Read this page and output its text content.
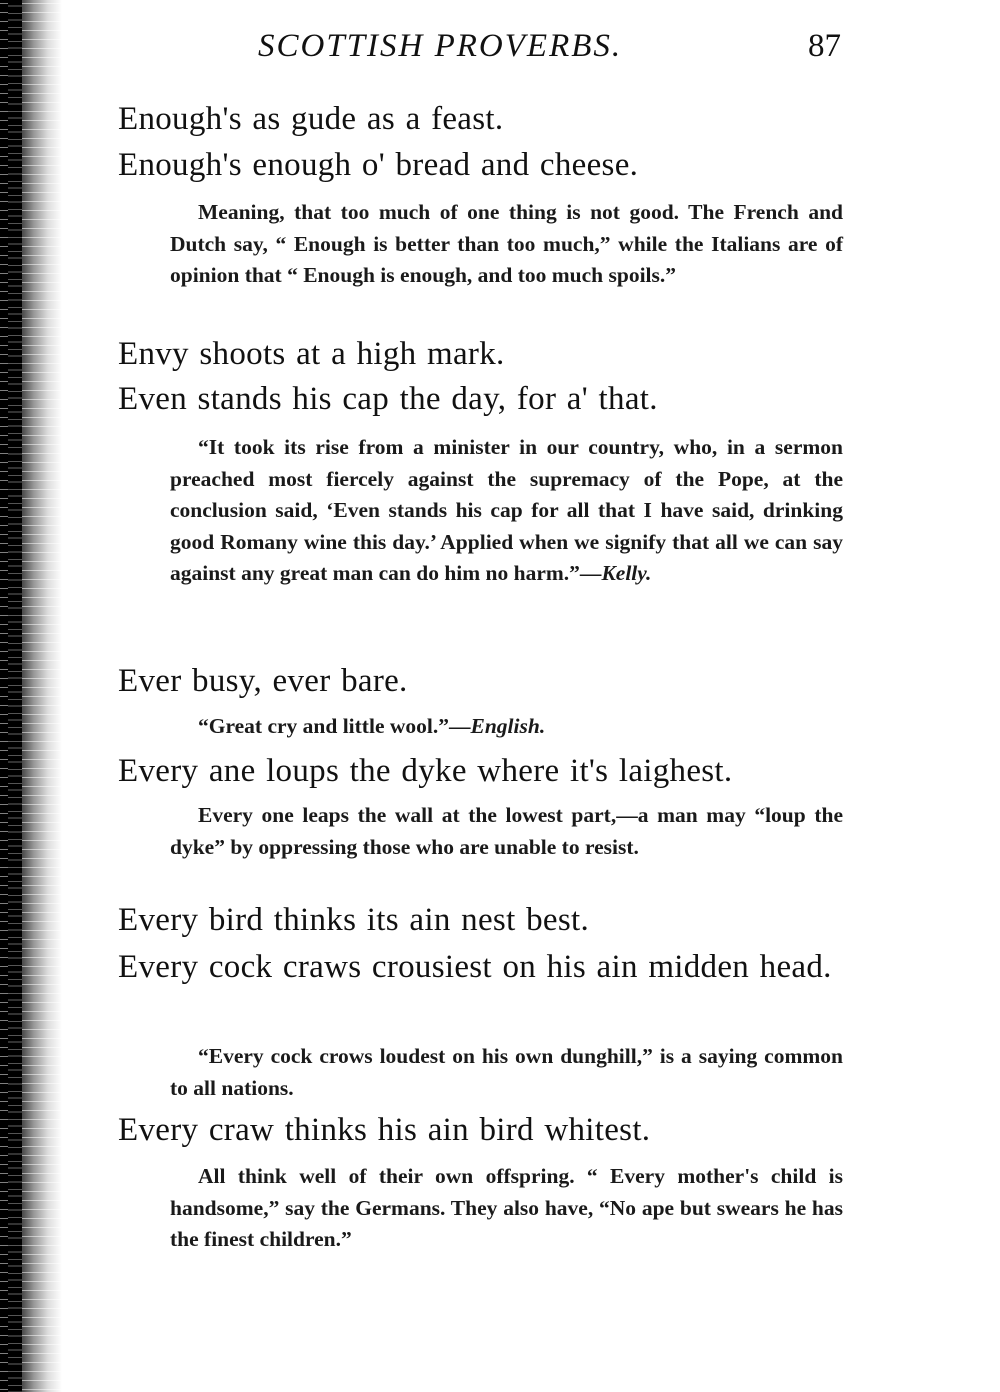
SCOTTISH PROVERBS.	87
Enough's as gude as a feast.
Enough's enough o' bread and cheese.
Meaning, that too much of one thing is not good. The French and Dutch say, “ Enough is better than too much,” while the Italians are of opinion that “ Enough is enough, and too much spoils.”
Envy shoots at a high mark.
Even stands his cap the day, for a' that.
“It took its rise from a minister in our country, who, in a sermon preached most fiercely against the supremacy of the Pope, at the conclusion said, ‘Even stands his cap for all that I have said, drinking good Romany wine this day.’ Applied when we signify that all we can say against any great man can do him no harm.”—Kelly.
Ever busy, ever bare.
“Great cry and little wool.”—English.
Every ane loups the dyke where it's laighest.
Every one leaps the wall at the lowest part,—a man may “loup the dyke” by oppressing those who are unable to resist.
Every bird thinks its ain nest best.
Every cock craws crousiest on his ain midden head.
“Every cock crows loudest on his own dunghill,” is a saying common to all nations.
Every craw thinks his ain bird whitest.
All think well of their own offspring. “ Every mother's child is handsome,” say the Germans. They also have, “No ape but swears he has the finest children.”
